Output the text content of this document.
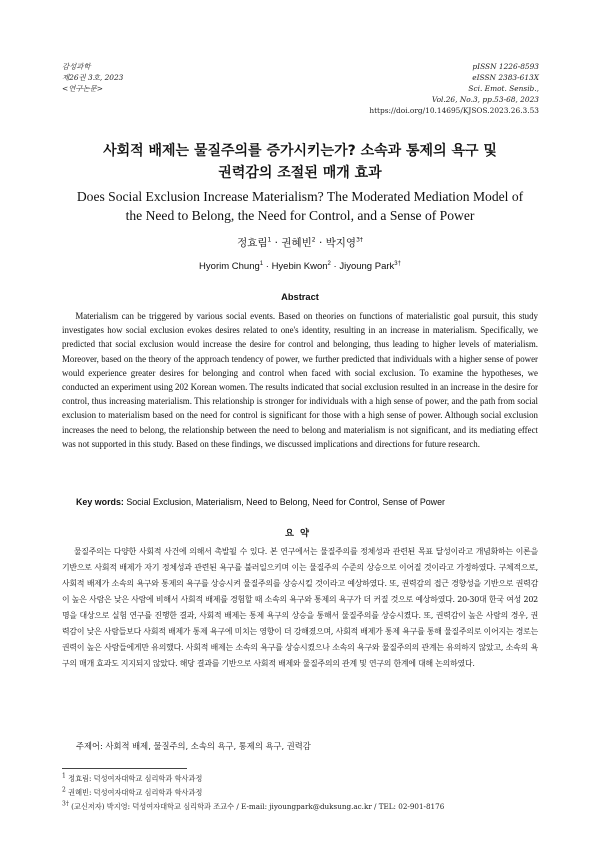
감성과학
제26권 3호, 2023
<연구논문>
pISSN 1226-8593
eISSN 2383-613X
Sci. Emot. Sensib.,
Vol.26, No.3, pp.53-68, 2023
https://doi.org/10.14695/KJSOS.2023.26.3.53
사회적 배제는 물질주의를 증가시키는가? 소속과 통제의 욕구 및
권력감의 조절된 매개 효과
Does Social Exclusion Increase Materialism? The Moderated Mediation Model of
the Need to Belong, the Need for Control, and a Sense of Power
정효림$^1$ · 권혜빈$^2$ · 박지영$^{3\dagger}$
Hyorim Chung$^1$ · Hyebin Kwon$^2$ · Jiyoung Park$^{3\dagger}$
Abstract
Materialism can be triggered by various social events. Based on theories on functions of materialistic goal pursuit, this study investigates how social exclusion evokes desires related to one's identity, resulting in an increase in materialism. Specifically, we predicted that social exclusion would increase the desire for control and belonging, thus leading to higher levels of materialism. Moreover, based on the theory of the approach tendency of power, we further predicted that individuals with a higher sense of power would experience greater desires for belonging and control when faced with social exclusion. To examine the hypotheses, we conducted an experiment using 202 Korean women. The results indicated that social exclusion resulted in an increase in the desire for control, thus increasing materialism. This relationship is stronger for individuals with a high sense of power, and the path from social exclusion to materialism based on the need for control is significant for those with a high sense of power. Although social exclusion increases the need to belong, the relationship between the need to belong and materialism is not significant, and its mediating effect was not supported in this study. Based on these findings, we discussed implications and directions for future research.
Key words: Social Exclusion, Materialism, Need to Belong, Need for Control, Sense of Power
요약
물질주의는 다양한 사회적 사건에 의해서 촉발될 수 있다. 본 연구에서는 물질주의를 정체성과 관련된 목표 달성이라고 개념화하는 이론을 기반으로 사회적 배제가 자기 정체성과 관련된 욕구를 불러일으키며 이는 물질주의 수준의 상승으로 이어질 것이라고 가정하였다. 구체적으로, 사회적 배제가 소속의 욕구와 통제의 욕구를 상승시켜 물질주의를 상승시킬 것이라고 예상하였다. 또, 권력감의 접근 경향성을 기반으로 권력감이 높은 사람은 낮은 사람에 비해서 사회적 배제를 경험할 때 소속의 욕구와 통제의 욕구가 더 커질 것으로 예상하였다. 20-30대 한국 여성 202명을 대상으로 실험 연구를 진행한 결과, 사회적 배제는 통제 욕구의 상승을 통해서 물질주의를 상승시켰다. 또, 권력감이 높은 사람의 경우, 권력감이 낮은 사람들보다 사회적 배제가 통제 욕구에 미치는 영향이 더 강해졌으며, 사회적 배제가 통제 욕구를 통해 물질주의로 이어지는 경로는 권력이 높은 사람들에게만 유의했다. 사회적 배제는 소속의 욕구를 상승시켰으나 소속의 욕구와 물질주의의 관계는 유의하지 않았고, 소속의 욕구의 매개 효과도 지지되지 않았다. 해당 결과를 기반으로 사회적 배제와 물질주의의 관계 및 연구의 한계에 대해 논의하였다.
주제어: 사회적 배제, 물질주의, 소속의 욕구, 통제의 욕구, 권력감
$^1$ 정효림: 덕성여자대학교 심리학과 학사과정
$^2$ 권혜빈: 덕성여자대학교 심리학과 학사과정
$^{3\dagger}$ (교신저자) 박지영: 덕성여자대학교 심리학과 조교수 / E-mail: jiyoungpark@duksung.ac.kr / TEL: 02-901-8176
